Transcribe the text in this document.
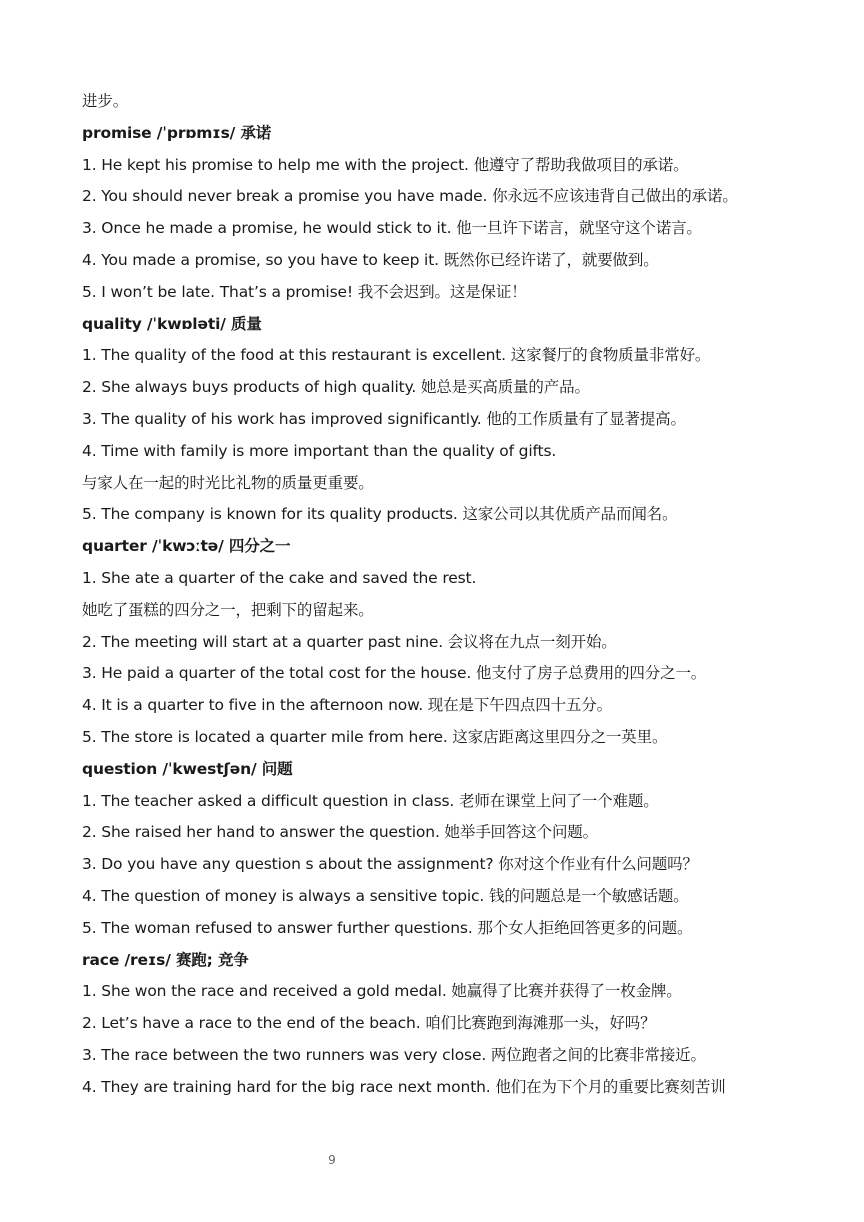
进步。
promise /ˈprɒmɪs/ 承诺
1. He kept his promise to help me with the project. 他遵守了帮助我做项目的承诺。
2. You should never break a promise you have made. 你永远不应该违背自己做出的承诺。
3. Once he made a promise, he would stick to it. 他一旦许下诺言，就坚守这个诺言。
4. You made a promise, so you have to keep it. 既然你已经许诺了，就要做到。
5. I won’t be late. That’s a promise! 我不会迟到。这是保证！
quality /ˈkwɒləti/ 质量
1. The quality of the food at this restaurant is excellent. 这家餐厅的食物质量非常好。
2. She always buys products of high quality. 她总是买高质量的产品。
3. The quality of his work has improved significantly. 他的工作质量有了显著提高。
4. Time with family is more important than the quality of gifts.
与家人在一起的时光比礼物的质量更重要。
5. The company is known for its quality products. 这家公司以其优质产品而闻名。
quarter /ˈkwɔːtə/ 四分之一
1. She ate a quarter of the cake and saved the rest.
她吃了蛋糕的四分之一，把剩下的留起来。
2. The meeting will start at a quarter past nine. 会议将在九点一刻开始。
3. He paid a quarter of the total cost for the house. 他支付了房子总费用的四分之一。
4. It is a quarter to five in the afternoon now. 现在是下午四点四十五分。
5. The store is located a quarter mile from here. 这家店距离这里四分之一英里。
question /ˈkwestʃən/ 问题
1. The teacher asked a difficult question in class. 老师在课堂上问了一个难题。
2. She raised her hand to answer the question. 她举手回答这个问题。
3. Do you have any question s about the assignment? 你对这个作业有什么问题吗？
4. The question of money is always a sensitive topic. 钱的问题总是一个敏感话题。
5. The woman refused to answer further questions. 那个女人拒绝回答更多的问题。
race /reɪs/ 赛跑; 竞争
1. She won the race and received a gold medal. 她赢得了比赛并获得了一枚金牌。
2. Let’s have a race to the end of the beach. 咱们比赛跑到海滩那一头，好吗？
3. The race between the two runners was very close. 两位跑者之间的比赛非常接近。
4. They are training hard for the big race next month. 他们在为下个月的重要比赛刻苦训
9
